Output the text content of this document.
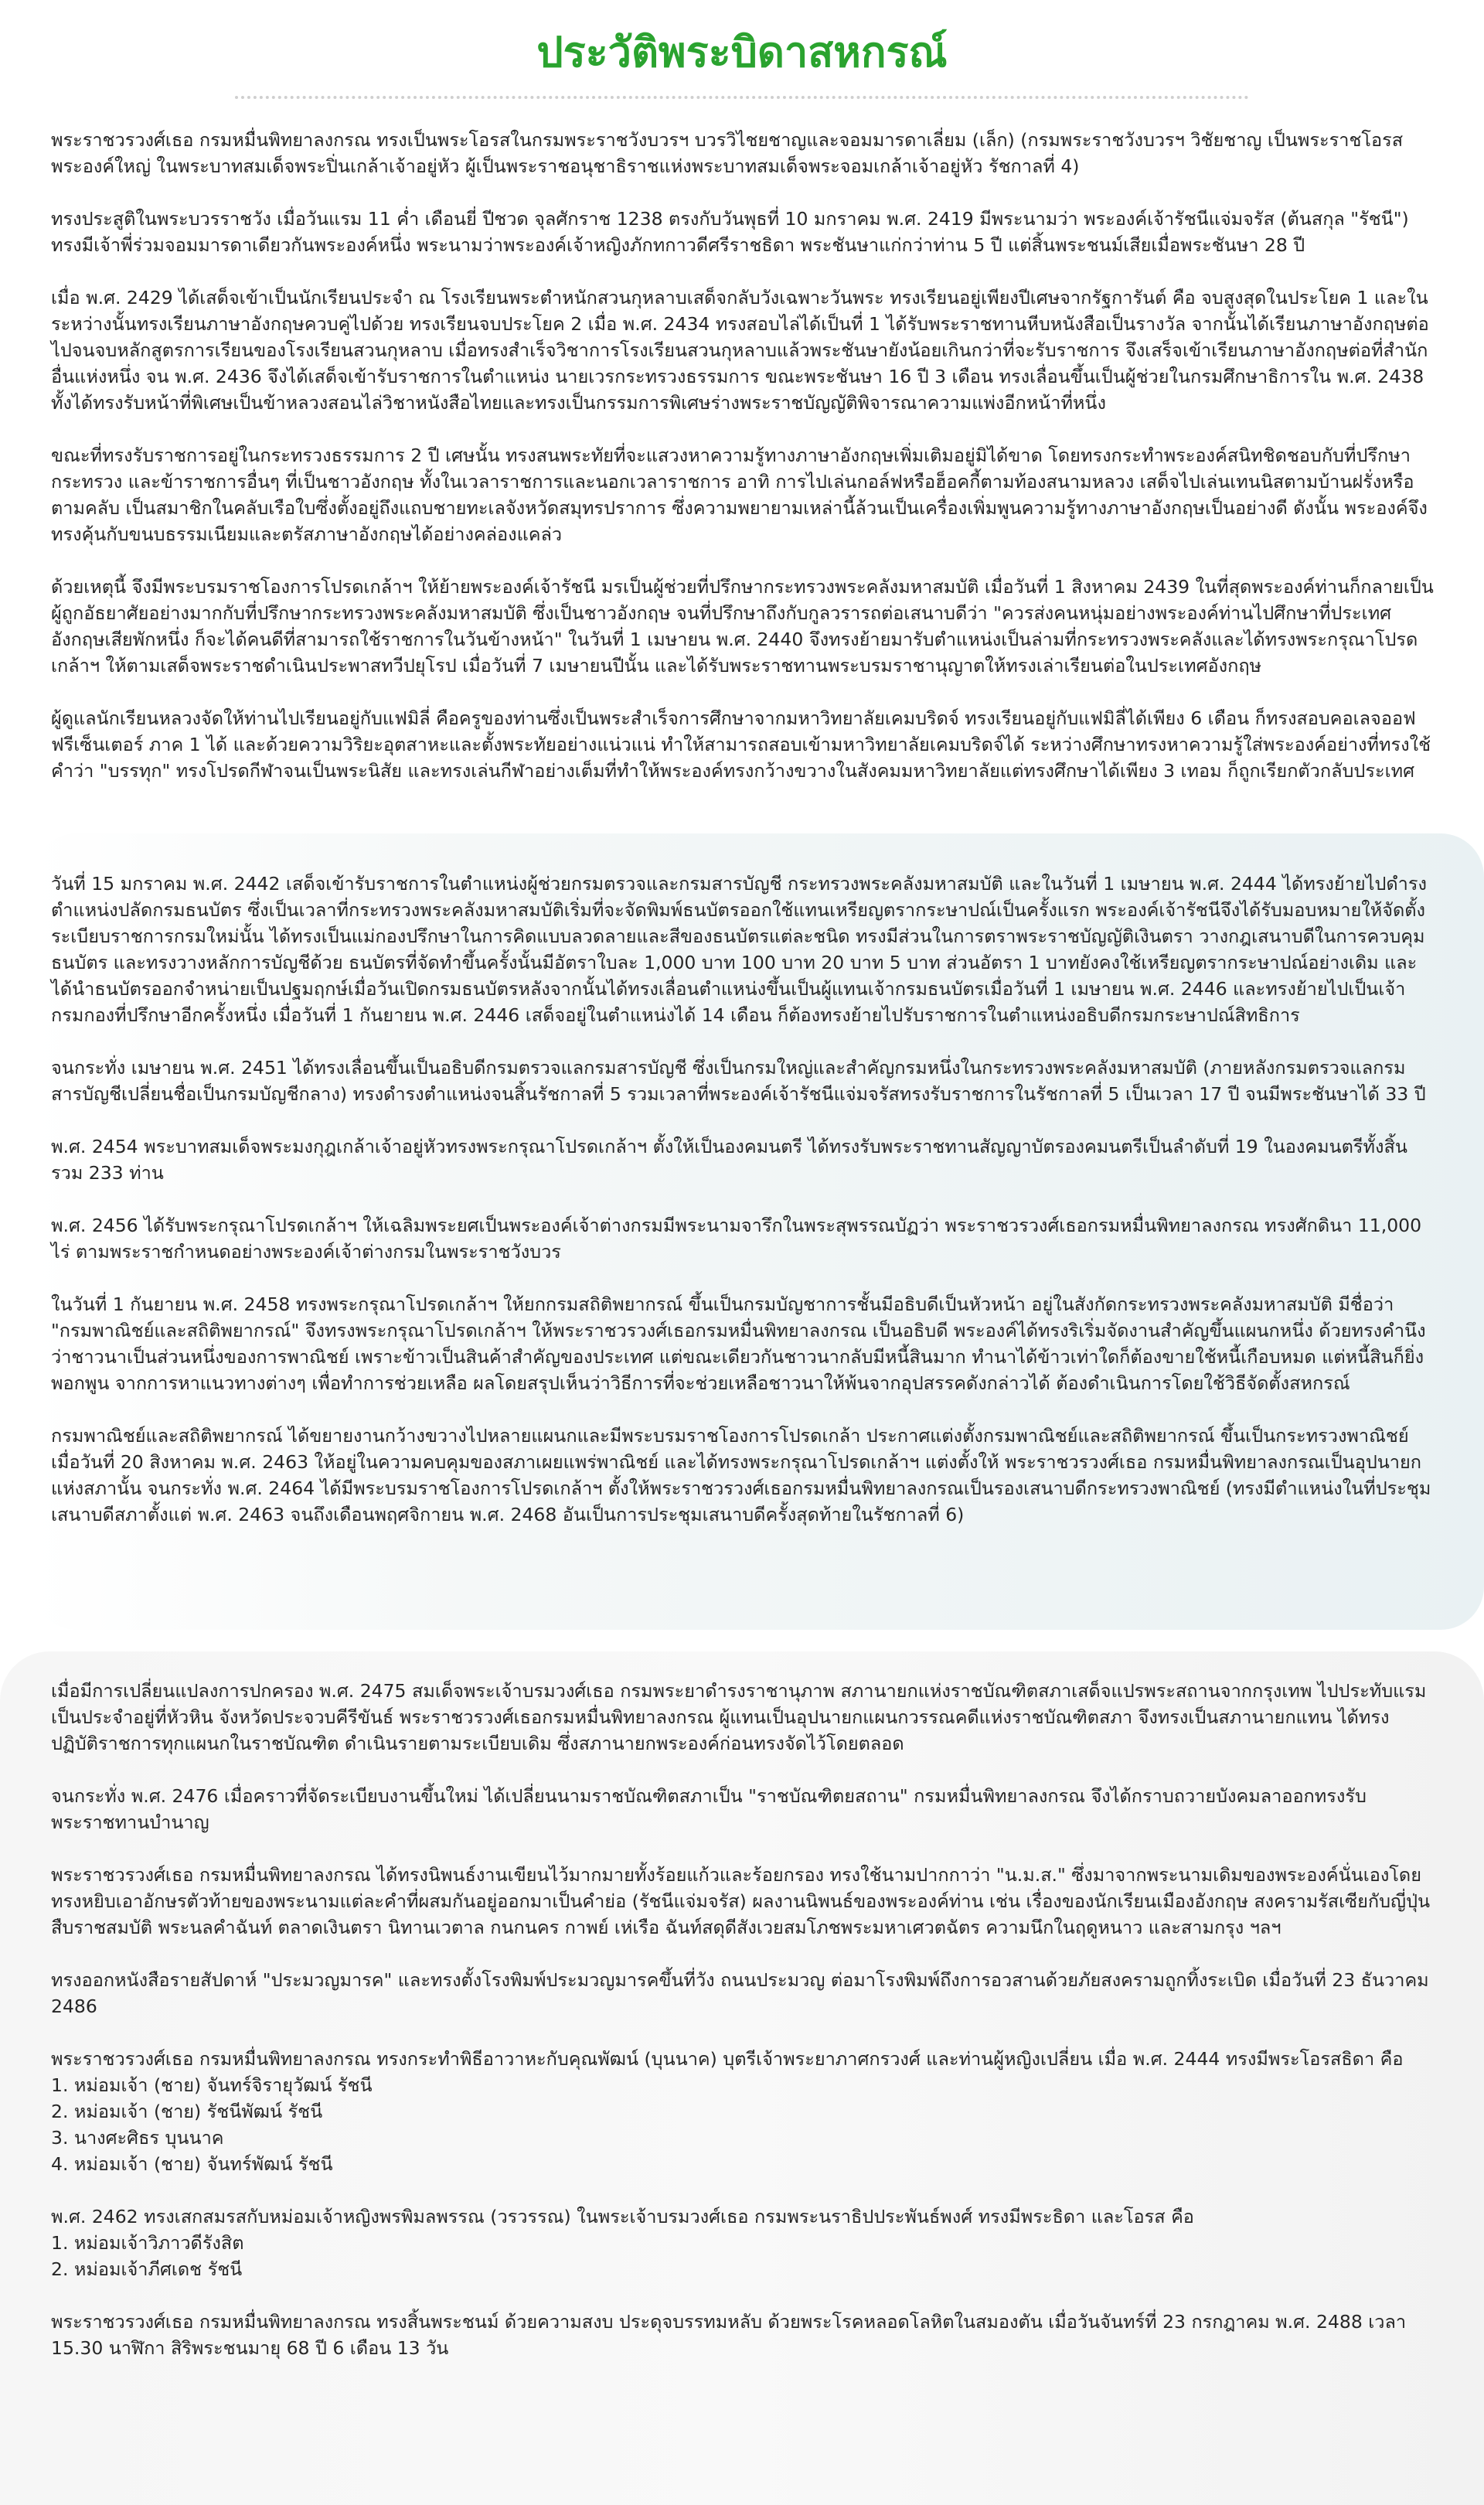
ประวัติพระบิดาสหกรณ์

พระราชวรวงศ์เธอ กรมหมื่นพิทยาลงกรณ ทรงเป็นพระโอรสในกรมพระราชวังบวรฯ บวรวิไชยชาญและจอมมารดาเลี่ยม (เล็ก) (กรมพระราชวังบวรฯ วิชัยชาญ เป็นพระราชโอรสพระองค์ใหญ่ ในพระบาทสมเด็จพระปิ่นเกล้าเจ้าอยู่หัว ผู้เป็นพระราชอนุชาธิราชแห่งพระบาทสมเด็จพระจอมเกล้าเจ้าอยู่หัว รัชกาลที่ 4)

ทรงประสูติในพระบวรราชวัง เมื่อวันแรม 11 ค่ำ เดือนยี่ ปีชวด จุลศักราช 1238 ตรงกับวันพุธที่ 10 มกราคม พ.ศ. 2419 มีพระนามว่า พระองค์เจ้ารัชนีแจ่มจรัส (ต้นสกุล "รัชนี") ทรงมีเจ้าพี่ร่วมจอมมารดาเดียวกันพระองค์หนึ่ง พระนามว่าพระองค์เจ้าหญิงภักทกาวดีศรีราชธิดา พระชันษาแก่กว่าท่าน 5 ปี แต่สิ้นพระชนม์เสียเมื่อพระชันษา 28 ปี

เมื่อ พ.ศ. 2429 ได้เสด็จเข้าเป็นนักเรียนประจำ ณ โรงเรียนพระตำหนักสวนกุหลาบเสด็จกลับวังเฉพาะวันพระ ทรงเรียนอยู่เพียงปีเศษจากรัฐการันต์ คือ จบสูงสุดในประโยค 1 และในระหว่างนั้นทรงเรียนภาษาอังกฤษควบคู่ไปด้วย ทรงเรียนจบประโยค 2 เมื่อ พ.ศ. 2434 ทรงสอบไล่ได้เป็นที่ 1 ได้รับพระราชทานหีบหนังสือเป็นรางวัล จากนั้นได้เรียนภาษาอังกฤษต่อไปจนจบหลักสูตรการเรียนของโรงเรียนสวนกุหลาบ เมื่อทรงสำเร็จวิชาการโรงเรียนสวนกุหลาบแล้วพระชันษายังน้อยเกินกว่าที่จะรับราชการ จึงเสร็จเข้าเรียนภาษาอังกฤษต่อที่สำนักอื่นแห่งหนึ่ง จน พ.ศ. 2436 จึงได้เสด็จเข้ารับราชการในตำแหน่ง นายเวรกระทรวงธรรมการ ขณะพระชันษา 16 ปี 3 เดือน ทรงเลื่อนขึ้นเป็นผู้ช่วยในกรมศึกษาธิการใน พ.ศ. 2438 ทั้งได้ทรงรับหน้าที่พิเศษเป็นข้าหลวงสอนไล่วิชาหนังสือไทยและทรงเป็นกรรมการพิเศษร่างพระราชบัญญัติพิจารณาความแพ่งอีกหน้าที่หนึ่ง

ขณะที่ทรงรับราชการอยู่ในกระทรวงธรรมการ 2 ปี เศษนั้น ทรงสนพระทัยที่จะแสวงหาความรู้ทางภาษาอังกฤษเพิ่มเติมอยู่มิได้ขาด โดยทรงกระทำพระองค์สนิทชิดชอบกับที่ปรึกษากระทรวง และข้าราชการอื่นๆ ที่เป็นชาวอังกฤษ ทั้งในเวลาราชการและนอกเวลาราชการ อาทิ การไปเล่นกอล์ฟหรือฮ็อคกี้ตามท้องสนามหลวง เสด็จไปเล่นเทนนิสตามบ้านฝรั่งหรือตามคลับ เป็นสมาชิกในคลับเรือใบซึ่งตั้งอยู่ถึงแถบชายทะเลจังหวัดสมุทรปราการ ซึ่งความพยายามเหล่านี้ล้วนเป็นเครื่องเพิ่มพูนความรู้ทางภาษาอังกฤษเป็นอย่างดี ดังนั้น พระองค์จึงทรงคุ้นกับขนบธรรมเนียมและตรัสภาษาอังกฤษได้อย่างคล่องแคล่ว

ด้วยเหตุนี้ จึงมีพระบรมราชโองการโปรดเกล้าฯ ให้ย้ายพระองค์เจ้ารัชนี มรเป็นผู้ช่วยที่ปรึกษากระทรวงพระคลังมหาสมบัติ เมื่อวันที่ 1 สิงหาคม 2439 ในที่สุดพระองค์ท่านก็กลายเป็นผู้ถูกอัธยาศัยอย่างมากกับที่ปรึกษากระทรวงพระคลังมหาสมบัติ ซึ่งเป็นชาวอังกฤษ จนที่ปรึกษาถึงกับกูลวรารถต่อเสนาบดีว่า "ควรส่งคนหนุ่มอย่างพระองค์ท่านไปศึกษาที่ประเทศอังกฤษเสียพักหนึ่ง ก็จะได้คนดีที่สามารถใช้ราชการในวันข้างหน้า" ในวันที่ 1 เมษายน พ.ศ. 2440 จึงทรงย้ายมารับตำแหน่งเป็นล่ามที่กระทรวงพระคลังและได้ทรงพระกรุณาโปรดเกล้าฯ ให้ตามเสด็จพระราชดำเนินประพาสทวีปยุโรป เมื่อวันที่ 7 เมษายนปีนั้น และได้รับพระราชทานพระบรมราชานุญาตให้ทรงเล่าเรียนต่อในประเทศอังกฤษ

ผู้ดูแลนักเรียนหลวงจัดให้ท่านไปเรียนอยู่กับแฟมิลี่ คือครูของท่านซึ่งเป็นพระสำเร็จการศึกษาจากมหาวิทยาลัยเคมบริดจ์ ทรงเรียนอยู่กับแฟมิลี่ได้เพียง 6 เดือน ก็ทรงสอบคอเลจออฟฟรีเซ็นเตอร์ ภาค 1 ได้ และด้วยความวิริยะอุตสาหะและตั้งพระทัยอย่างแน่วแน่ ทำให้สามารถสอบเข้ามหาวิทยาลัยเคมบริดจ์ได้ ระหว่างศึกษาทรงหาความรู้ใส่พระองค์อย่างที่ทรงใช้คำว่า "บรรทุก" ทรงโปรดกีฬาจนเป็นพระนิสัย และทรงเล่นกีฬาอย่างเต็มที่ทำให้พระองค์ทรงกว้างขวางในสังคมมหาวิทยาลัยแต่ทรงศึกษาได้เพียง 3 เทอม ก็ถูกเรียกตัวกลับประเทศ

วันที่ 15 มกราคม พ.ศ. 2442 เสด็จเข้ารับราชการในตำแหน่งผู้ช่วยกรมตรวจและกรมสารบัญชี กระทรวงพระคลังมหาสมบัติ และในวันที่ 1 เมษายน พ.ศ. 2444 ได้ทรงย้ายไปดำรงตำแหน่งปลัดกรมธนบัตร ซึ่งเป็นเวลาที่กระทรวงพระคลังมหาสมบัติเริ่มที่จะจัดพิมพ์ธนบัตรออกใช้แทนเหรียญตรากระษาปณ์เป็นครั้งแรก พระองค์เจ้ารัชนีจึงได้รับมอบหมายให้จัดตั้งระเบียบราชการกรมใหม่นั้น ได้ทรงเป็นแม่กองปรึกษาในการคิดแบบลวดลายและสีของธนบัตรแต่ละชนิด ทรงมีส่วนในการตราพระราชบัญญัติเงินตรา วางกฎเสนาบดีในการควบคุมธนบัตร และทรงวางหลักการบัญชีด้วย ธนบัตรที่จัดทำขึ้นครั้งนั้นมีอัตราใบละ 1,000 บาท 100 บาท 20 บาท 5 บาท ส่วนอัตรา 1 บาทยังคงใช้เหรียญตรากระษาปณ์อย่างเดิม และได้นำธนบัตรออกจำหน่ายเป็นปฐมฤกษ์เมื่อวันเปิดกรมธนบัตรหลังจากนั้นได้ทรงเลื่อนตำแหน่งขึ้นเป็นผู้แทนเจ้ากรมธนบัตรเมื่อวันที่ 1 เมษายน พ.ศ. 2446 และทรงย้ายไปเป็นเจ้ากรมกองที่ปรึกษาอีกครั้งหนึ่ง เมื่อวันที่ 1 กันยายน พ.ศ. 2446 เสด็จอยู่ในตำแหน่งได้ 14 เดือน ก็ต้องทรงย้ายไปรับราชการในตำแหน่งอธิบดีกรมกระษาปณ์สิทธิการ

จนกระทั่ง เมษายน พ.ศ. 2451 ได้ทรงเลื่อนขึ้นเป็นอธิบดีกรมตรวจแลกรมสารบัญชี ซึ่งเป็นกรมใหญ่และสำคัญกรมหนึ่งในกระทรวงพระคลังมหาสมบัติ (ภายหลังกรมตรวจแลกรมสารบัญชีเปลี่ยนชื่อเป็นกรมบัญชีกลาง) ทรงดำรงตำแหน่งจนสิ้นรัชกาลที่ 5 รวมเวลาที่พระองค์เจ้ารัชนีแจ่มจรัสทรงรับราชการในรัชกาลที่ 5 เป็นเวลา 17 ปี จนมีพระชันษาได้ 33 ปี

พ.ศ. 2454 พระบาทสมเด็จพระมงกุฎเกล้าเจ้าอยู่หัวทรงพระกรุณาโปรดเกล้าฯ ตั้งให้เป็นองคมนตรี ได้ทรงรับพระราชทานสัญญาบัตรองคมนตรีเป็นลำดับที่ 19 ในองคมนตรีทั้งสิ้นรวม 233 ท่าน

พ.ศ. 2456 ได้รับพระกรุณาโปรดเกล้าฯ ให้เฉลิมพระยศเป็นพระองค์เจ้าต่างกรมมีพระนามจารึกในพระสุพรรณบัฏว่า พระราชวรวงศ์เธอกรมหมื่นพิทยาลงกรณ ทรงศักดินา 11,000 ไร่ ตามพระราชกำหนดอย่างพระองค์เจ้าต่างกรมในพระราชวังบวร

ในวันที่ 1 กันยายน พ.ศ. 2458 ทรงพระกรุณาโปรดเกล้าฯ ให้ยกกรมสถิติพยากรณ์ ขึ้นเป็นกรมบัญชาการชั้นมีอธิบดีเป็นหัวหน้า อยู่ในสังกัดกระทรวงพระคลังมหาสมบัติ มีชื่อว่า "กรมพาณิชย์และสถิติพยากรณ์" จึงทรงพระกรุณาโปรดเกล้าฯ ให้พระราชวรวงศ์เธอกรมหมื่นพิทยาลงกรณ เป็นอธิบดี พระองค์ได้ทรงริเริ่มจัดงานสำคัญขึ้นแผนกหนึ่ง ด้วยทรงคำนึงว่าชาวนาเป็นส่วนหนึ่งของการพาณิชย์ เพราะข้าวเป็นสินค้าสำคัญของประเทศ แต่ขณะเดียวกันชาวนากลับมีหนี้สินมาก ทำนาได้ข้าวเท่าใดก็ต้องขายใช้หนี้เกือบหมด แต่หนี้สินก็ยิ่งพอกพูน จากการหาแนวทางต่างๆ เพื่อทำการช่วยเหลือ ผลโดยสรุปเห็นว่าวิธีการที่จะช่วยเหลือชาวนาให้พ้นจากอุปสรรคดังกล่าวได้ ต้องดำเนินการโดยใช้วิธีจัดตั้งสหกรณ์

กรมพาณิชย์และสถิติพยากรณ์ ได้ขยายงานกว้างขวางไปหลายแผนกและมีพระบรมราชโองการโปรดเกล้า ประกาศแต่งตั้งกรมพาณิชย์และสถิติพยากรณ์ ขึ้นเป็นกระทรวงพาณิชย์ เมื่อวันที่ 20 สิงหาคม พ.ศ. 2463 ให้อยู่ในความคบคุมของสภาเผยแพร่พาณิชย์ และได้ทรงพระกรุณาโปรดเกล้าฯ แต่งตั้งให้ พระราชวรวงศ์เธอ กรมหมื่นพิทยาลงกรณเป็นอุปนายกแห่งสภานั้น จนกระทั่ง พ.ศ. 2464 ได้มีพระบรมราชโองการโปรดเกล้าฯ ตั้งให้พระราชวรวงศ์เธอกรมหมื่นพิทยาลงกรณเป็นรองเสนาบดีกระทรวงพาณิชย์ (ทรงมีตำแหน่งในที่ประชุมเสนาบดีสภาตั้งแต่ พ.ศ. 2463 จนถึงเดือนพฤศจิกายน พ.ศ. 2468 อันเป็นการประชุมเสนาบดีครั้งสุดท้ายในรัชกาลที่ 6)

เมื่อมีการเปลี่ยนแปลงการปกครอง พ.ศ. 2475 สมเด็จพระเจ้าบรมวงศ์เธอ กรมพระยาดำรงราชานุภาพ สภานายกแห่งราชบัณฑิตสภาเสด็จแปรพระสถานจากกรุงเทพ ไปประทับแรมเป็นประจำอยู่ที่หัวหิน จังหวัดประจวบคีรีขันธ์ พระราชวรวงศ์เธอกรมหมื่นพิทยาลงกรณ ผู้แทนเป็นอุปนายกแผนกวรรณคดีแห่งราชบัณฑิตสภา จึงทรงเป็นสภานายกแทน ได้ทรงปฏิบัติราชการทุกแผนกในราชบัณฑิต ดำเนินรายตามระเบียบเดิม ซึ่งสภานายกพระองค์ก่อนทรงจัดไว้โดยตลอด

จนกระทั่ง พ.ศ. 2476 เมื่อคราวที่จัดระเบียบงานขึ้นใหม่ ได้เปลี่ยนนามราชบัณฑิตสภาเป็น "ราชบัณฑิตยสถาน" กรมหมื่นพิทยาลงกรณ จึงได้กราบถวายบังคมลาออกทรงรับพระราชทานบำนาญ

พระราชวรวงศ์เธอ กรมหมื่นพิทยาลงกรณ ได้ทรงนิพนธ์งานเขียนไว้มากมายทั้งร้อยแก้วและร้อยกรอง ทรงใช้นามปากกาว่า "น.ม.ส." ซึ่งมาจากพระนามเดิมของพระองค์นั่นเองโดยทรงหยิบเอาอักษรตัวท้ายของพระนามแต่ละคำที่ผสมกันอยู่ออกมาเป็นคำย่อ (รัชนีแจ่มจรัส) ผลงานนิพนธ์ของพระองค์ท่าน เช่น เรื่องของนักเรียนเมืองอังกฤษ สงครามรัสเซียกับญี่ปุ่น สืบราชสมบัติ พระนลคำฉันท์ ตลาดเงินตรา นิทานเวตาล กนกนคร กาพย์ เห่เรือ ฉันท์สดุดีสังเวยสมโภชพระมหาเศวตฉัตร ความนึกในฤดูหนาว และสามกรุง ฯลฯ

ทรงออกหนังสือรายสัปดาห์ "ประมวญมารค" และทรงตั้งโรงพิมพ์ประมวญมารคขึ้นที่วัง ถนนประมวญ ต่อมาโรงพิมพ์ถึงการอวสานด้วยภัยสงครามถูกทิ้งระเบิด เมื่อวันที่ 23 ธันวาคม 2486

พระราชวรวงศ์เธอ กรมหมื่นพิทยาลงกรณ ทรงกระทำพิธีอาวาหะกับคุณพัฒน์ (บุนนาค) บุตรีเจ้าพระยาภาศกรวงศ์ และท่านผู้หญิงเปลี่ยน เมื่อ พ.ศ. 2444 ทรงมีพระโอรสธิดา คือ

1. หม่อมเจ้า (ชาย) จันทร์จิรายุวัฒน์ รัชนี
2. หม่อมเจ้า (ชาย) รัชนีพัฒน์ รัชนี
3. นางศะศิธร บุนนาค
4. หม่อมเจ้า (ชาย) จันทร์พัฒน์ รัชนี

พ.ศ. 2462 ทรงเสกสมรสกับหม่อมเจ้าหญิงพรพิมลพรรณ (วรวรรณ) ในพระเจ้าบรมวงศ์เธอ กรมพระนราธิปประพันธ์พงศ์ ทรงมีพระธิดา และโอรส คือ

1. หม่อมเจ้าวิภาวดีรังสิต
2. หม่อมเจ้าภีศเดช รัชนี

พระราชวรวงศ์เธอ กรมหมื่นพิทยาลงกรณ ทรงสิ้นพระชนม์ ด้วยความสงบ ประดุจบรรทมหลับ ด้วยพระโรคหลอดโลหิตในสมองตัน เมื่อวันจันทร์ที่ 23 กรกฎาคม พ.ศ. 2488 เวลา 15.30 นาฬิกา สิริพระชนมายุ 68 ปี 6 เดือน 13 วัน
